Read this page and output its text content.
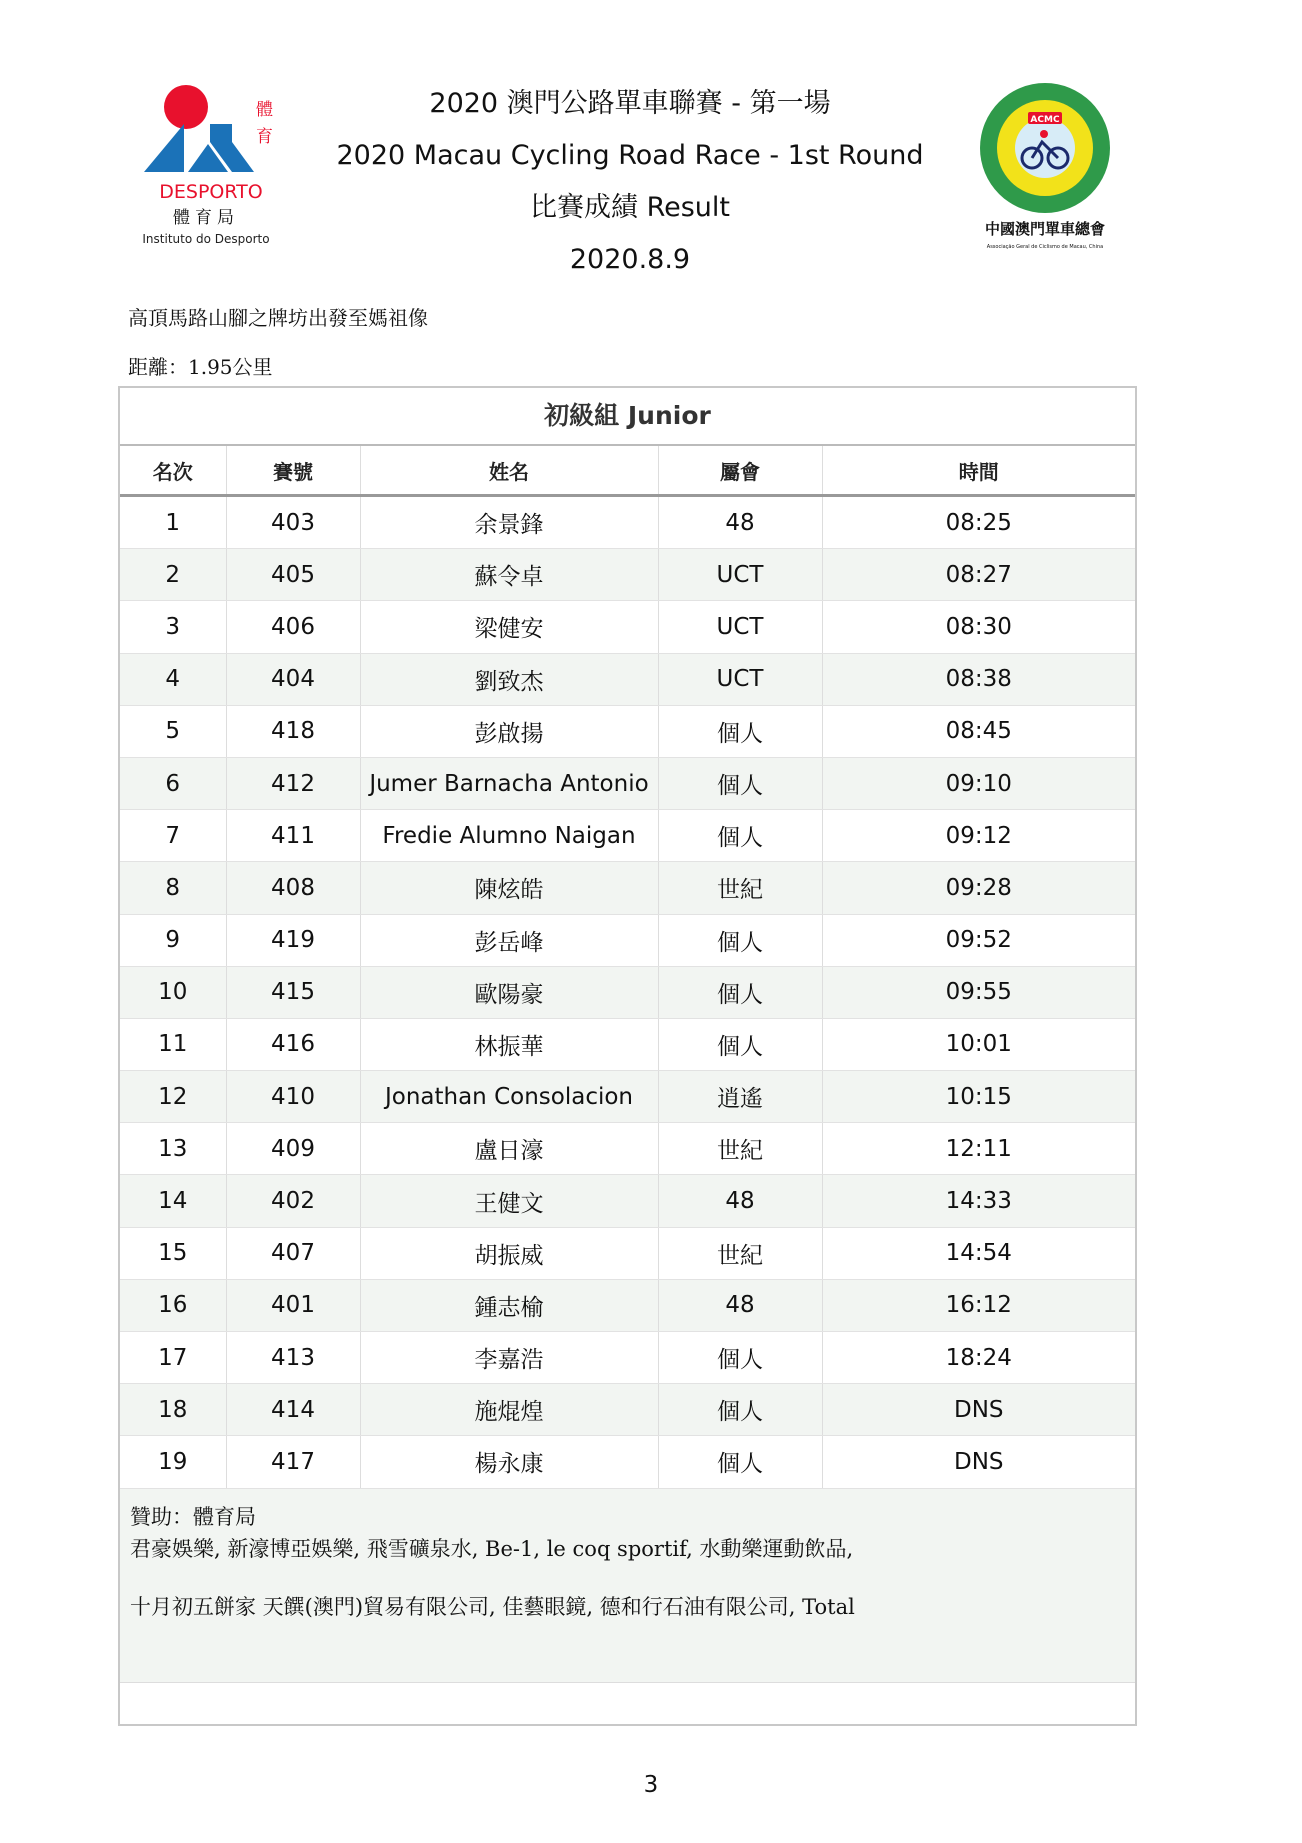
2020 澳門公路單車聯賽 - 第一場
2020 Macau Cycling Road Race - 1st Round
比賽成績 Result
2020.8.9
體
育
DESPORTO
體育局
Instituto do Desporto
ACMC
中國澳門單車總會
Associação Geral de Ciclismo de Macau, China
高頂馬路山腳之牌坊出發至媽祖像
距離：1.95公里
初級組 Junior
名次	賽號	姓名	屬會	時間
1	403	余景鋒	48	08:25
2	405	蘇令卓	UCT	08:27
3	406	梁健安	UCT	08:30
4	404	劉致杰	UCT	08:38
5	418	彭啟揚	個人	08:45
6	412	Jumer Barnacha Antonio	個人	09:10
7	411	Fredie Alumno Naigan	個人	09:12
8	408	陳炫皓	世紀	09:28
9	419	彭岳峰	個人	09:52
10	415	歐陽豪	個人	09:55
11	416	林振華	個人	10:01
12	410	Jonathan Consolacion	逍遙	10:15
13	409	盧日濠	世紀	12:11
14	402	王健文	48	14:33
15	407	胡振威	世紀	14:54
16	401	鍾志榆	48	16:12
17	413	李嘉浩	個人	18:24
18	414	施焜煌	個人	DNS
19	417	楊永康	個人	DNS

贊助：體育局

君豪娛樂, 新濠博亞娛樂, 飛雪礦泉水, Be-1, le coq sportif, 水動樂運動飲品,

十月初五餅家 天饌(澳門)貿易有限公司, 佳藝眼鏡, 德和行石油有限公司, Total

3
